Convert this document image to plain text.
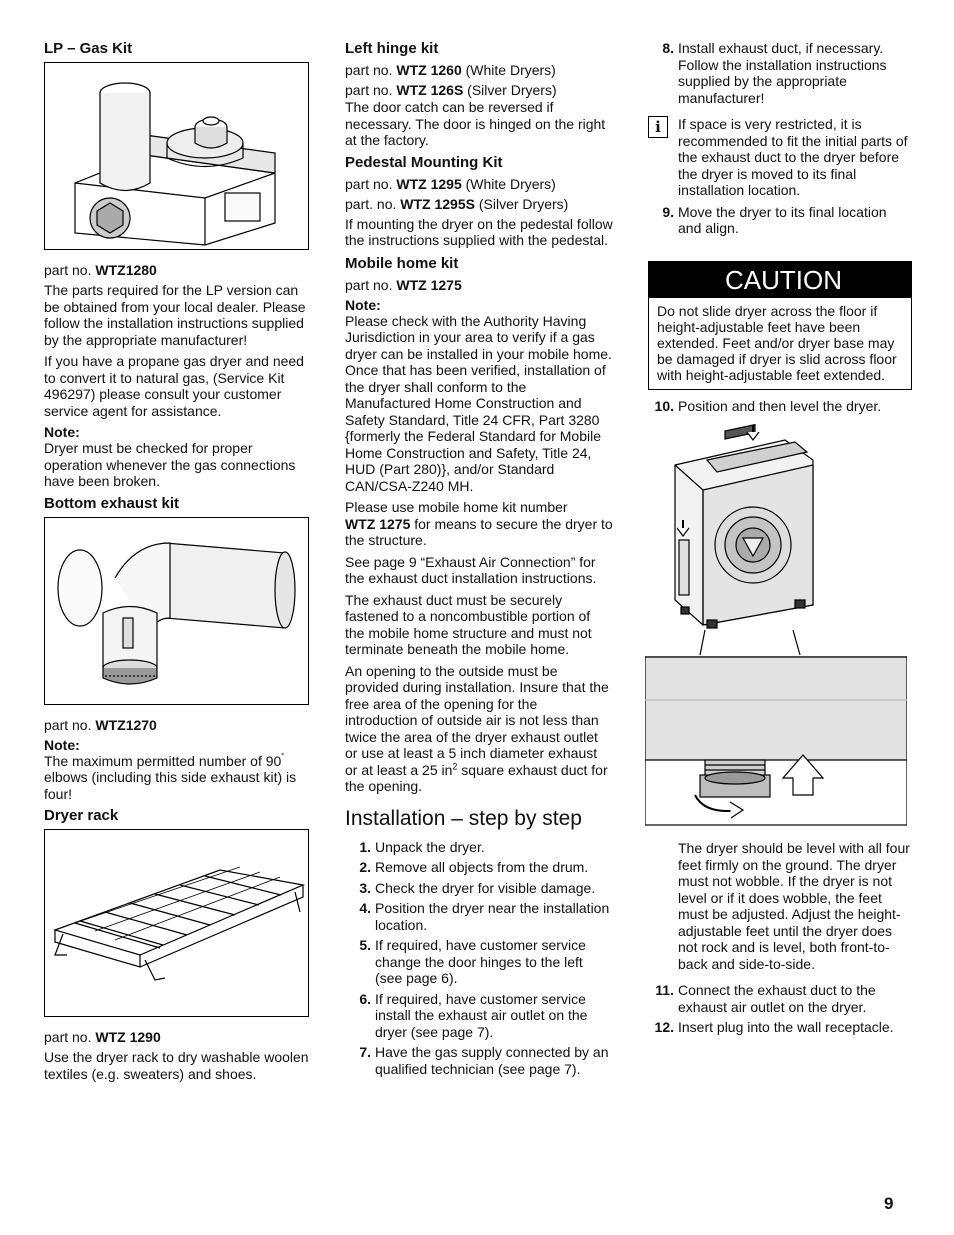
LP – Gas Kit
part no. WTZ1280
The parts required for the LP version can be obtained from your local dealer. Please follow the installation instructions supplied by the appropriate manufacturer!
If you have a propane gas dryer and need to convert it to natural gas, (Service Kit 496297) please consult your customer service agent for assistance.
Note:
Dryer must be checked for proper operation whenever the gas connections have been broken.
Bottom exhaust kit
part no. WTZ1270
Note:
The maximum permitted number of 90˚ elbows (including this side exhaust kit) is four!
Dryer rack
part no. WTZ 1290
Use the dryer rack to dry washable woolen textiles (e.g. sweaters) and shoes.
Left hinge kit
part no. WTZ 1260 (White Dryers)
part no. WTZ 126S (Silver Dryers)
The door catch can be reversed if necessary. The door is hinged on the right at the factory.
Pedestal Mounting Kit
part no. WTZ 1295 (White Dryers)
part. no. WTZ 1295S (Silver Dryers)
If mounting the dryer on the pedestal follow the instructions supplied with the pedestal.
Mobile home kit
part no. WTZ 1275
Note:
Please check with the Authority Having Jurisdiction in your area to verify if a gas dryer can be installed in your mobile home. Once that has been verified, installation of the dryer shall conform to the Manufactured Home Construction and Safety Standard, Title 24 CFR, Part 3280 {formerly the Federal Standard for Mobile Home Construction and Safety, Title 24, HUD (Part 280)}, and/or Standard CAN/CSA-Z240 MH.
Please use mobile home kit number
WTZ 1275 for means to secure the dryer to the structure.
See page 9 “Exhaust Air Connection” for the exhaust duct installation instructions.
The exhaust duct must be securely fastened to a noncombustible portion of the mobile home structure and must not terminate beneath the mobile home.
An opening to the outside must be provided during installation. Insure that the free area of the opening for the introduction of outside air is not less than twice the area of the dryer exhaust outlet or use at least a 5 inch diameter exhaust or at least a 25 $in^2$ square exhaust duct for the opening.
Installation – step by step
1. Unpack the dryer.
2. Remove all objects from the drum.
3. Check the dryer for visible damage.
4. Position the dryer near the installation location.
5. If required, have customer service change the door hinges to the left (see page 6).
6. If required, have customer service install the exhaust air outlet on the dryer (see page 7).
7. Have the gas supply connected by an qualified technician (see page 7).
8. Install exhaust duct, if necessary. Follow the installation instructions supplied by the appropriate manufacturer!
i	If space is very restricted, it is recommended to fit the initial parts of the exhaust duct to the dryer before the dryer is moved to its final installation location.
9. Move the dryer to its final location and align.
CAUTION
Do not slide dryer across the floor if height-adjustable feet have been extended. Feet and/or dryer base may be damaged if dryer is slid across floor with height-adjustable feet extended.
10. Position and then level the dryer.
The dryer should be level with all four feet firmly on the ground. The dryer must not wobble. If the dryer is not level or if it does wobble, the feet must be adjusted. Adjust the height-adjustable feet until the dryer does not rock and is level, both front-to-back and side-to-side.
11. Connect the exhaust duct to the exhaust air outlet on the dryer.
12. Insert plug into the wall receptacle.
9
